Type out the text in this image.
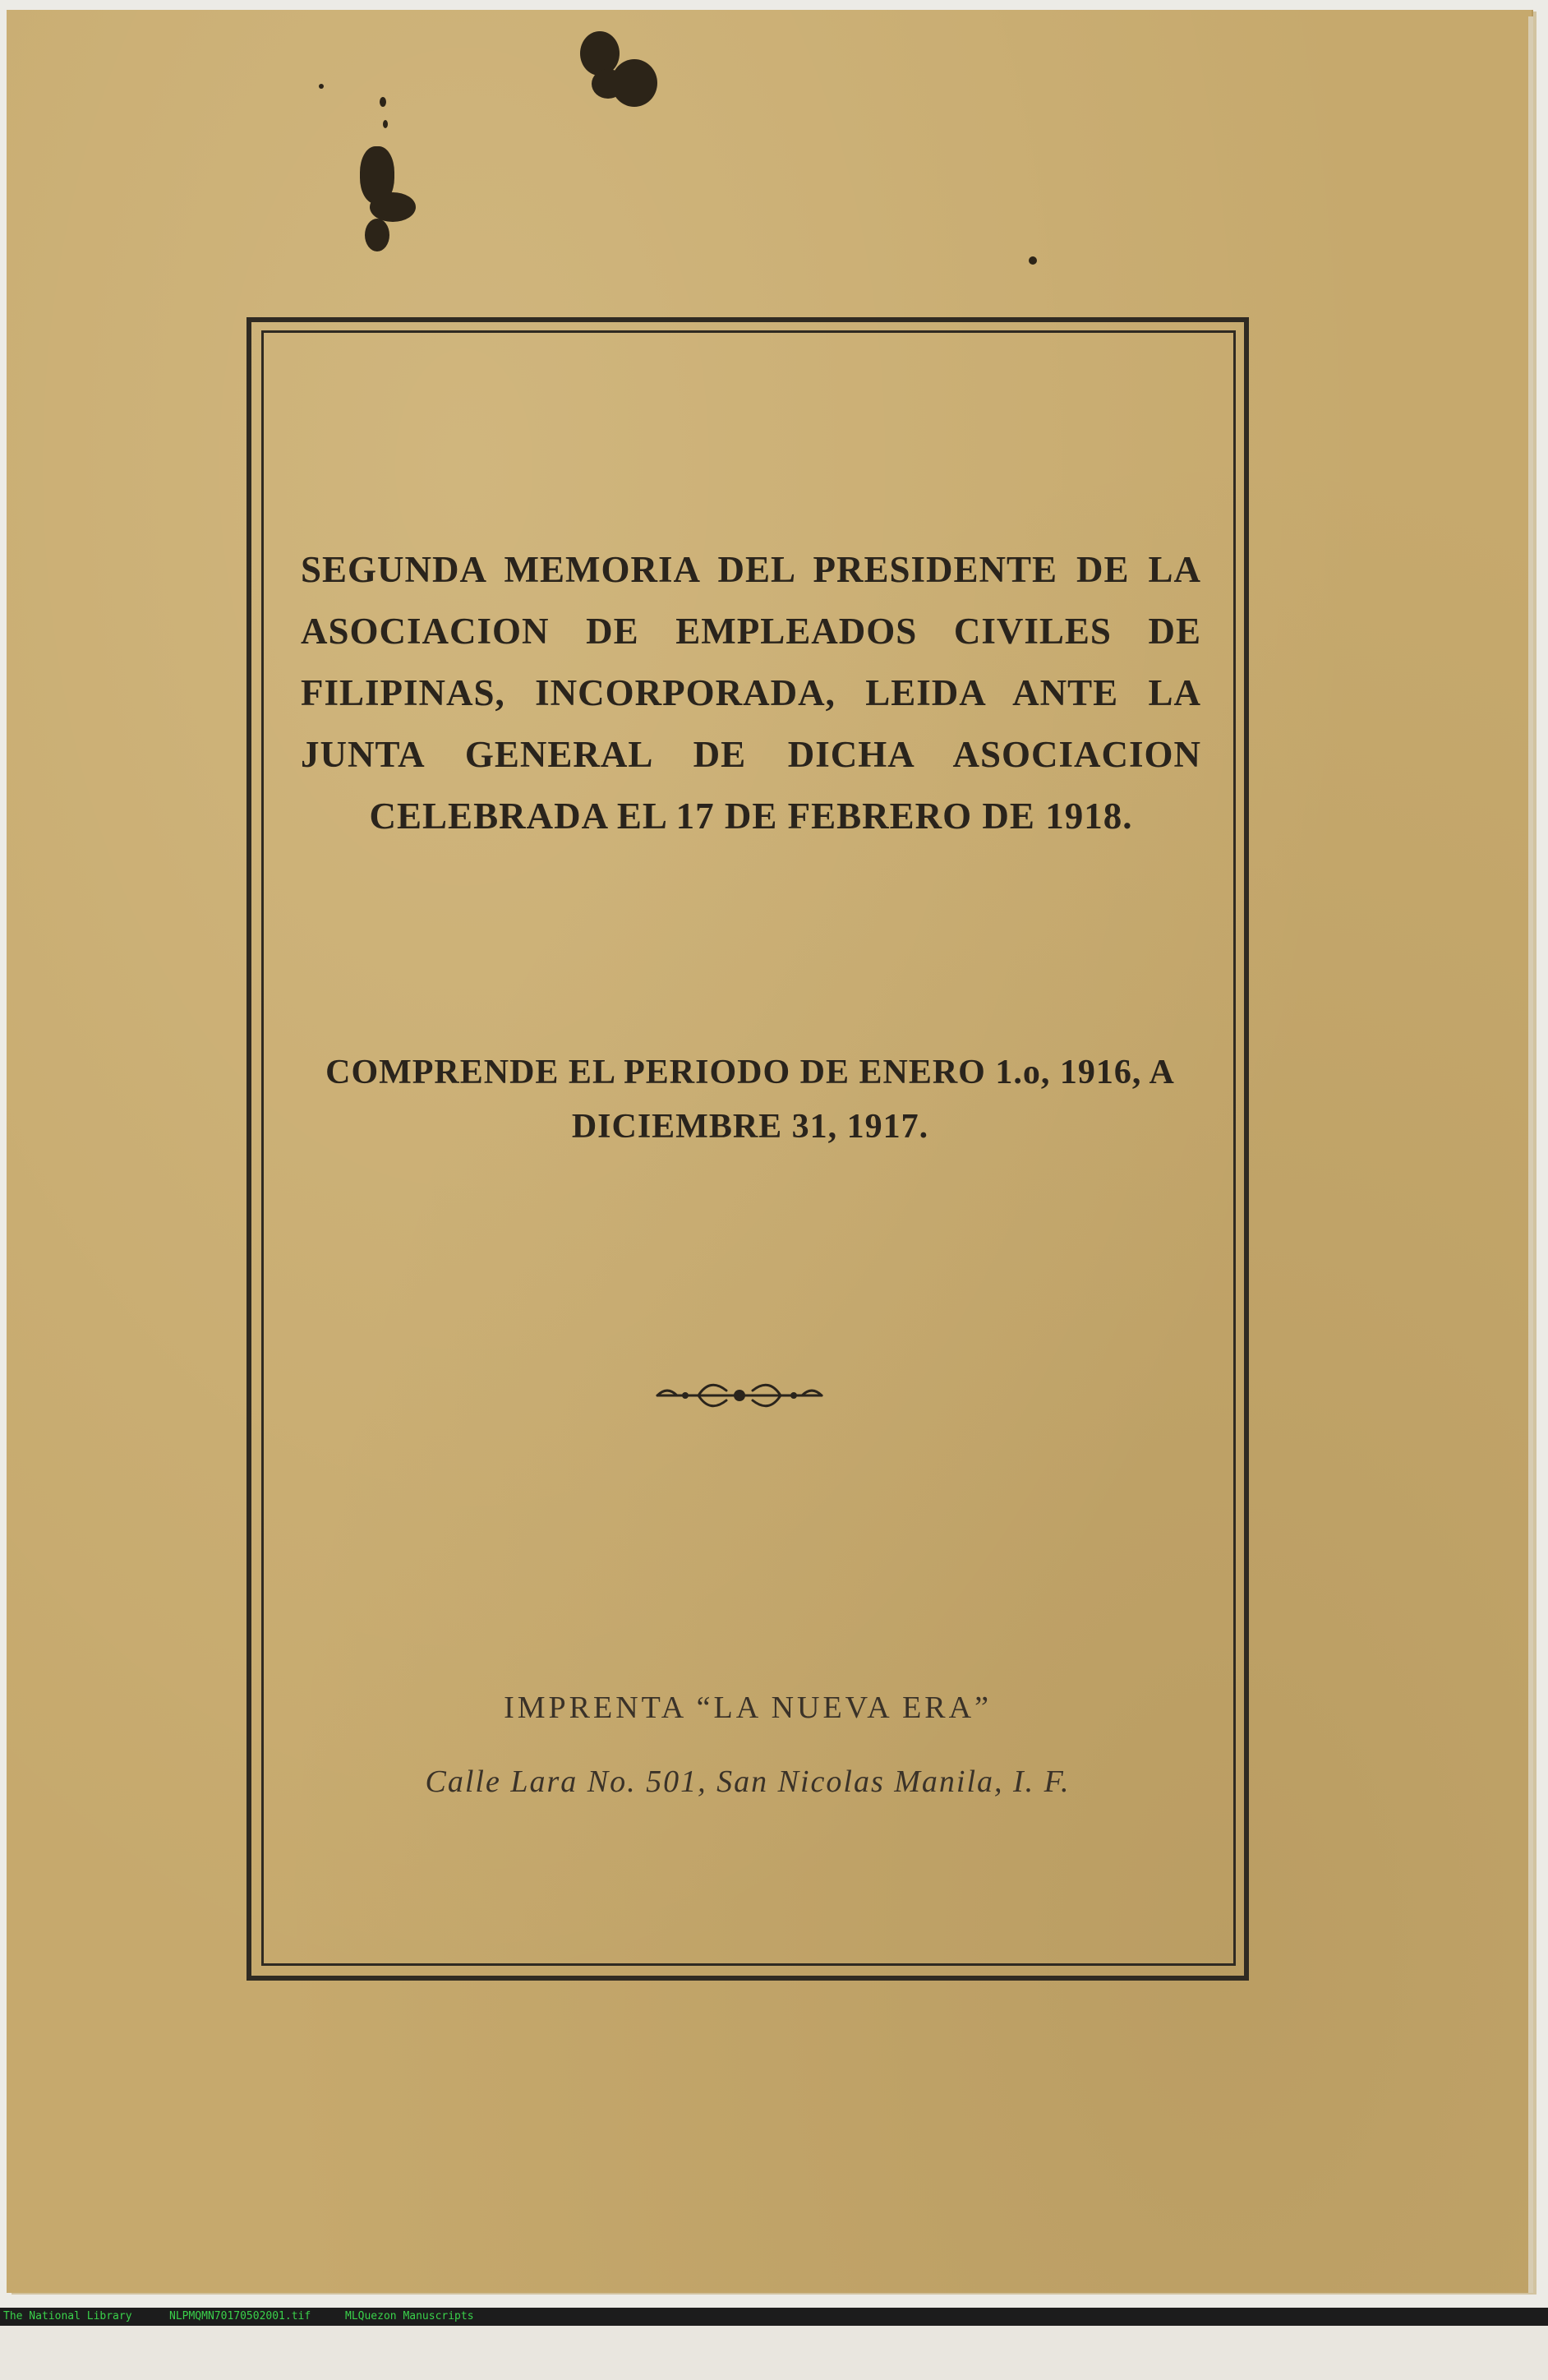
SEGUNDA MEMORIA DEL PRESIDENTE DE LA ASOCIACION DE EMPLEADOS CIVILES DE FILIPINAS, INCORPORADA, LEIDA ANTE LA JUNTA GENERAL DE DICHA ASOCIACION CELEBRADA EL 17 DE FEBRERO DE 1918.

COMPRENDE EL PERIODO DE ENERO 1.o, 1916, A DICIEMBRE 31, 1917.

IMPRENTA “LA NUEVA ERA”
Calle Lara No. 501, San Nicolas Manila, I. F.

The National Library

	NLPMQMN70170502001.tif

	MLQuezon Manuscripts
